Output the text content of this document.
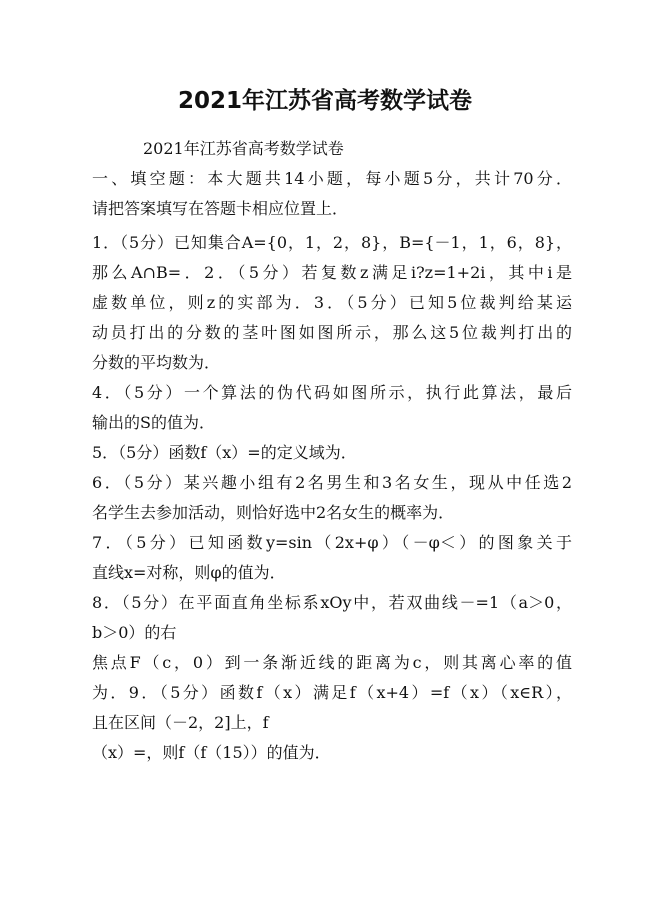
2021年江苏省高考数学试卷
2021年江苏省高考数学试卷
一、填空题：本大题共14小题，每小题5分，共计70分．
请把答案填写在答题卡相应位置上．
1．（5分）已知集合A={0，1，2，8}，B={－1，1，6，8}，
那么A∩B=．2．（5分）若复数z满足i?z=1+2i，其中i是
虚数单位，则z的实部为．3．（5分）已知5位裁判给某运
动员打出的分数的茎叶图如图所示，那么这5位裁判打出的
分数的平均数为．
4．（5分）一个算法的伪代码如图所示，执行此算法，最后
输出的S的值为．
5．（5分）函数f（x）=的定义域为．
6．（5分）某兴趣小组有2名男生和3名女生，现从中任选2
名学生去参加活动，则恰好选中2名女生的概率为．
7．（5分）已知函数y=sin（2x+φ）（－φ＜）的图象关于
直线x=对称，则φ的值为．
8．（5分）在平面直角坐标系xOy中，若双曲线－=1（a＞0，
b＞0）的右
焦点F（c，0）到一条渐近线的距离为c，则其离心率的值
为．9．（5分）函数f（x）满足f（x+4）=f（x）（x∈R），
且在区间（－2，2]上，f
（x）=，则f（f（15））的值为．
